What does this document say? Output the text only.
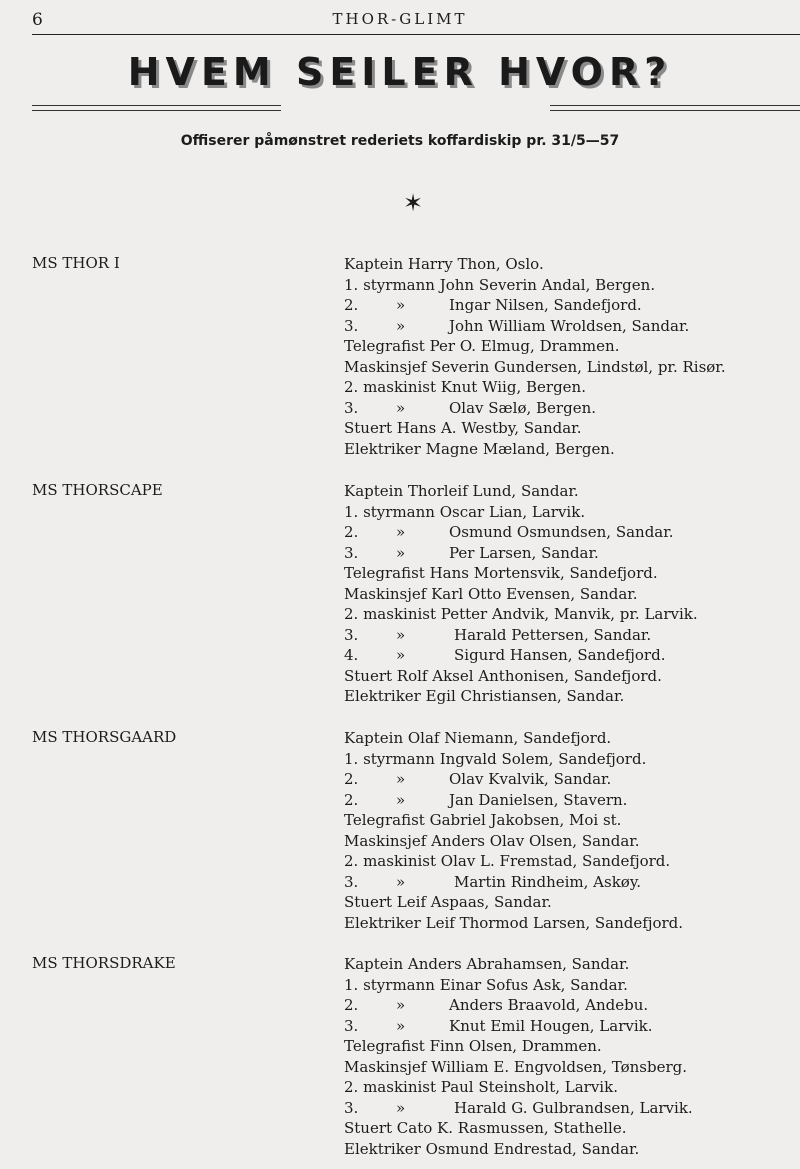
6	THOR-GLIMT
HVEM SEILER HVOR?
Offiserer påmønstret rederiets koffardiskip pr. 31/5—57
✶
MS THOR I	Kaptein Harry Thon, Oslo.
1. styrmann John Severin Andal, Bergen.
2.	»	Ingar Nilsen, Sandefjord.
3.	»	John William Wroldsen, Sandar.
Telegrafist Per O. Elmug, Drammen.
Maskinsjef Severin Gundersen, Lindstøl, pr. Risør.
2. maskinist Knut Wiig, Bergen.
3.	»	Olav Sælø, Bergen.
Stuert Hans A. Westby, Sandar.
Elektriker Magne Mæland, Bergen.
MS THORSCAPE	Kaptein Thorleif Lund, Sandar.
1. styrmann Oscar Lian, Larvik.
2.	»	Osmund Osmundsen, Sandar.
3.	»	Per Larsen, Sandar.
Telegrafist Hans Mortensvik, Sandefjord.
Maskinsjef Karl Otto Evensen, Sandar.
2. maskinist Petter Andvik, Manvik, pr. Larvik.
3.	»	Harald Pettersen, Sandar.
4.	»	Sigurd Hansen, Sandefjord.
Stuert Rolf Aksel Anthonisen, Sandefjord.
Elektriker Egil Christiansen, Sandar.
MS THORSGAARD	Kaptein Olaf Niemann, Sandefjord.
1. styrmann Ingvald Solem, Sandefjord.
2.	»	Olav Kvalvik, Sandar.
2.	»	Jan Danielsen, Stavern.
Telegrafist Gabriel Jakobsen, Moi st.
Maskinsjef Anders Olav Olsen, Sandar.
2. maskinist Olav L. Fremstad, Sandefjord.
3.	»	Martin Rindheim, Askøy.
Stuert Leif Aspaas, Sandar.
Elektriker Leif Thormod Larsen, Sandefjord.
MS THORSDRAKE	Kaptein Anders Abrahamsen, Sandar.
1. styrmann Einar Sofus Ask, Sandar.
2.	»	Anders Braavold, Andebu.
3.	»	Knut Emil Hougen, Larvik.
Telegrafist Finn Olsen, Drammen.
Maskinsjef William E. Engvoldsen, Tønsberg.
2. maskinist Paul Steinsholt, Larvik.
3.	»	Harald G. Gulbrandsen, Larvik.
Stuert Cato K. Rasmussen, Stathelle.
Elektriker Osmund Endrestad, Sandar.
